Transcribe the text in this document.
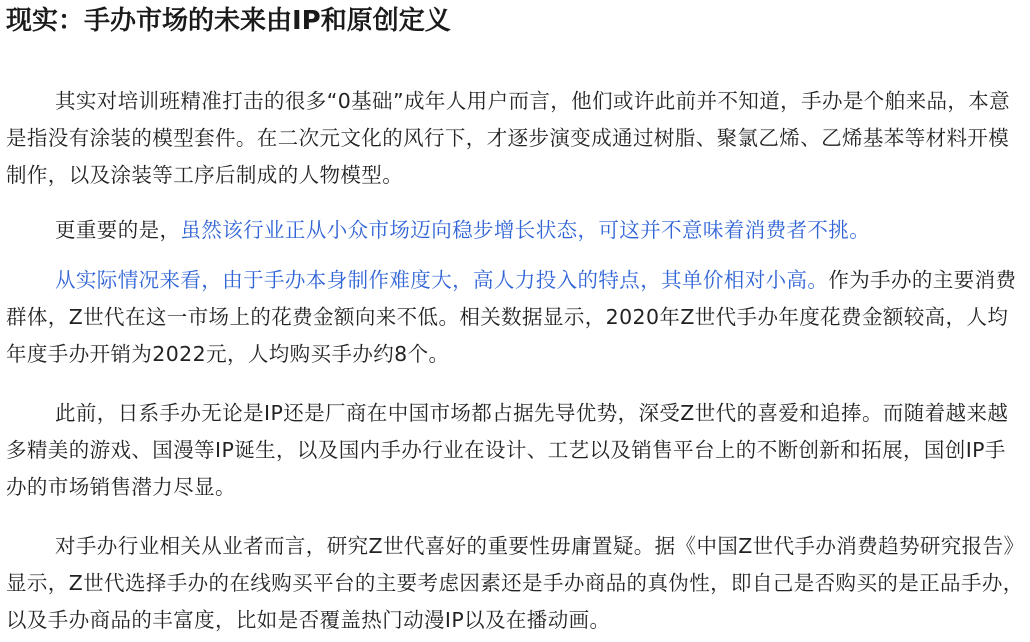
现实：手办市场的未来由IP和原创定义

其实对培训班精准打击的很多“0基础”成年人用户而言，他们或许此前并不知道，手办是个舶来品，本意是指没有涂装的模型套件。在二次元文化的风行下，才逐步演变成通过树脂、聚氯乙烯、乙烯基苯等材料开模制作，以及涂装等工序后制成的人物模型。

更重要的是，虽然该行业正从小众市场迈向稳步增长状态，可这并不意味着消费者不挑。

从实际情况来看，由于手办本身制作难度大，高人力投入的特点，其单价相对小高。作为手办的主要消费群体，Z世代在这一市场上的花费金额向来不低。相关数据显示，2020年Z世代手办年度花费金额较高，人均年度手办开销为2022元，人均购买手办约8个。

此前，日系手办无论是IP还是厂商在中国市场都占据先导优势，深受Z世代的喜爱和追捧。而随着越来越多精美的游戏、国漫等IP诞生，以及国内手办行业在设计、工艺以及销售平台上的不断创新和拓展，国创IP手办的市场销售潜力尽显。

对手办行业相关从业者而言，研究Z世代喜好的重要性毋庸置疑。据《中国Z世代手办消费趋势研究报告》显示，Z世代选择手办的在线购买平台的主要考虑因素还是手办商品的真伪性，即自己是否购买的是正品手办，以及手办商品的丰富度，比如是否覆盖热门动漫IP以及在播动画。
